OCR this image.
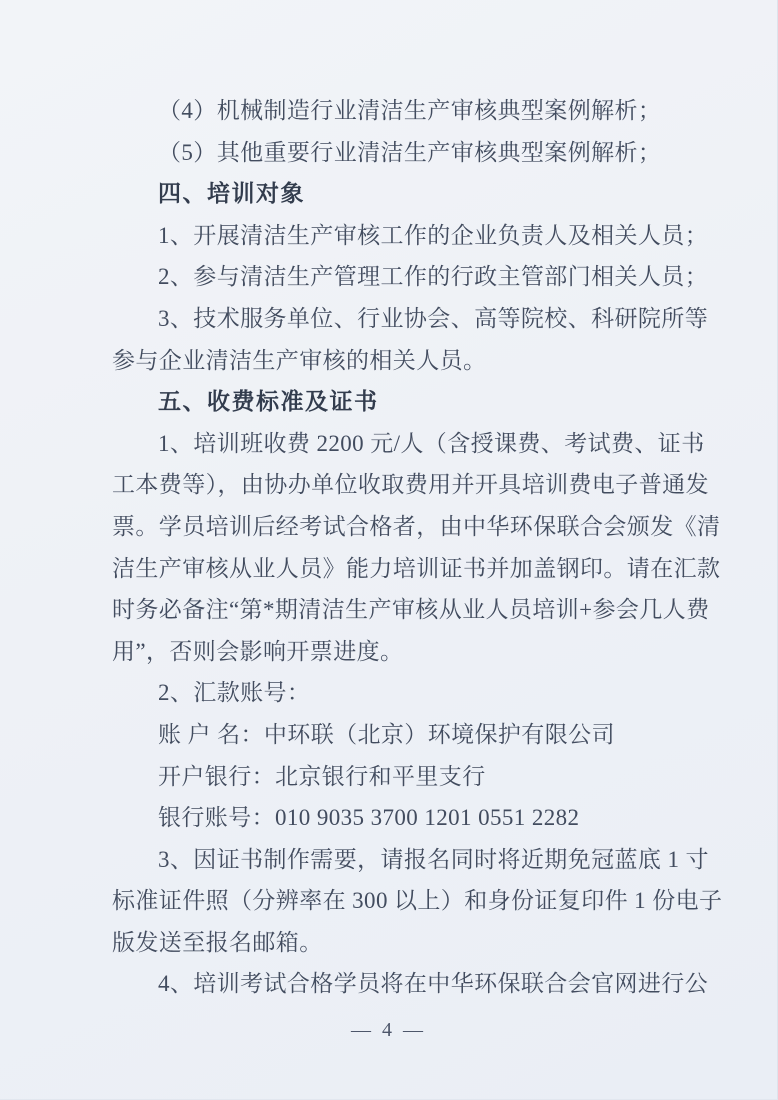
（4）机械制造行业清洁生产审核典型案例解析；
（5）其他重要行业清洁生产审核典型案例解析；
四、培训对象
1、开展清洁生产审核工作的企业负责人及相关人员；
2、参与清洁生产管理工作的行政主管部门相关人员；
3、技术服务单位、行业协会、高等院校、科研院所等
参与企业清洁生产审核的相关人员。
五、收费标准及证书
1、培训班收费 2200 元/人（含授课费、考试费、证书
工本费等），由协办单位收取费用并开具培训费电子普通发
票。学员培训后经考试合格者，由中华环保联合会颁发《清
洁生产审核从业人员》能力培训证书并加盖钢印。请在汇款
时务必备注“第*期清洁生产审核从业人员培训+参会几人费
用”，否则会影响开票进度。
2、汇款账号：
账 户 名：中环联（北京）环境保护有限公司
开户银行：北京银行和平里支行
银行账号：010 9035 3700 1201 0551 2282
3、因证书制作需要，请报名同时将近期免冠蓝底 1 寸
标准证件照（分辨率在 300 以上）和身份证复印件 1 份电子
版发送至报名邮箱。
4、培训考试合格学员将在中华环保联合会官网进行公
— 4 —
